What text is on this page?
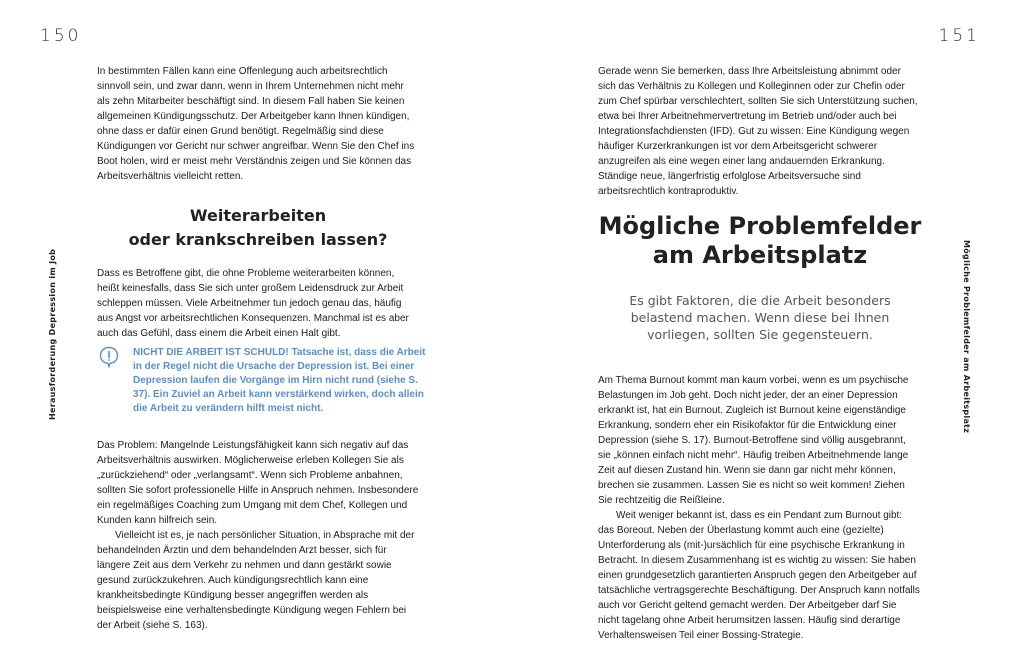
150
Herausforderung Depression im Job

In bestimmten Fällen kann eine Offenlegung auch arbeitsrechtlich sinnvoll sein, und zwar dann, wenn in Ihrem Unternehmen nicht mehr als zehn Mitarbeiter beschäftigt sind. In diesem Fall haben Sie keinen allgemeinen Kündigungsschutz. Der Arbeitgeber kann Ihnen kündigen, ohne dass er dafür einen Grund benötigt. Regelmäßig sind diese Kündigungen vor Gericht nur schwer angreifbar. Wenn Sie den Chef ins Boot holen, wird er meist mehr Verständnis zeigen und Sie können das Arbeitsverhältnis vielleicht retten.

Weiterarbeiten
oder krankschreiben lassen?

Dass es Betroffene gibt, die ohne Probleme weiterarbeiten können, heißt keinesfalls, dass Sie sich unter großem Leidensdruck zur Arbeit schleppen müssen. Viele Arbeitnehmer tun jedoch genau das, häufig aus Angst vor arbeitsrechtlichen Konsequenzen. Manchmal ist es aber auch das Gefühl, dass einem die Arbeit einen Halt gibt.

NICHT DIE ARBEIT IST SCHULD! Tatsache ist, dass die Arbeit in der Regel nicht die Ursache der Depression ist. Bei einer Depression laufen die Vorgänge im Hirn nicht rund (siehe S. 37). Ein Zuviel an Arbeit kann verstärkend wirken, doch allein die Arbeit zu verändern hilft meist nicht.

Das Problem: Mangelnde Leistungsfähigkeit kann sich negativ auf das Arbeitsverhältnis auswirken. Möglicherweise erleben Kollegen Sie als „zurückziehend“ oder „verlangsamt“. Wenn sich Probleme anbahnen, sollten Sie sofort professionelle Hilfe in Anspruch nehmen. Insbesondere ein regelmäßiges Coaching zum Umgang mit dem Chef, Kollegen und Kunden kann hilfreich sein.

Vielleicht ist es, je nach persönlicher Situation, in Absprache mit der behandelnden Ärztin und dem behandelnden Arzt besser, sich für längere Zeit aus dem Verkehr zu nehmen und dann gestärkt sowie gesund zurückzukehren. Auch kündigungsrechtlich kann eine krankheitsbedingte Kündigung besser angegriffen werden als beispielsweise eine verhaltensbedingte Kündigung wegen Fehlern bei der Arbeit (siehe S. 163).

151
Mögliche Problemfelder am Arbeitsplatz

Gerade wenn Sie bemerken, dass Ihre Arbeitsleistung abnimmt oder sich das Verhältnis zu Kollegen und Kolleginnen oder zur Chefin oder zum Chef spürbar verschlechtert, sollten Sie sich Unterstützung suchen, etwa bei Ihrer Arbeitnehmervertretung im Betrieb und/oder auch bei Integrationsfachdiensten (IFD). Gut zu wissen: Eine Kündigung wegen häufiger Kurzerkrankungen ist vor dem Arbeitsgericht schwerer anzugreifen als eine wegen einer lang andauernden Erkrankung. Ständige neue, längerfristig erfolglose Arbeitsversuche sind arbeitsrechtlich kontraproduktiv.

Mögliche Problemfelder
am Arbeitsplatz
Es gibt Faktoren, die die Arbeit besonders belastend machen. Wenn diese bei Ihnen vorliegen, sollten Sie gegensteuern.

Am Thema Burnout kommt man kaum vorbei, wenn es um psychische Belastungen im Job geht. Doch nicht jeder, der an einer Depression erkrankt ist, hat ein Burnout. Zugleich ist Burnout keine eigenständige Erkrankung, sondern eher ein Risikofaktor für die Entwicklung einer Depression (siehe S. 17). Burnout-Betroffene sind völlig ausgebrannt, sie „können einfach nicht mehr“. Häufig treiben Arbeitnehmende lange Zeit auf diesen Zustand hin. Wenn sie dann gar nicht mehr können, brechen sie zusammen. Lassen Sie es nicht so weit kommen! Ziehen Sie rechtzeitig die Reißleine.

Weit weniger bekannt ist, dass es ein Pendant zum Burnout gibt: das Boreout. Neben der Überlastung kommt auch eine (gezielte) Unterforderung als (mit-)ursächlich für eine psychische Erkrankung in Betracht. In diesem Zusammenhang ist es wichtig zu wissen: Sie haben einen grundgesetzlich garantierten Anspruch gegen den Arbeitgeber auf tatsächliche vertragsgerechte Beschäftigung. Der Anspruch kann notfalls auch vor Gericht geltend gemacht werden. Der Arbeitgeber darf Sie nicht tagelang ohne Arbeit herumsitzen lassen. Häufig sind derartige Verhaltensweisen Teil einer Bossing-Strategie.
